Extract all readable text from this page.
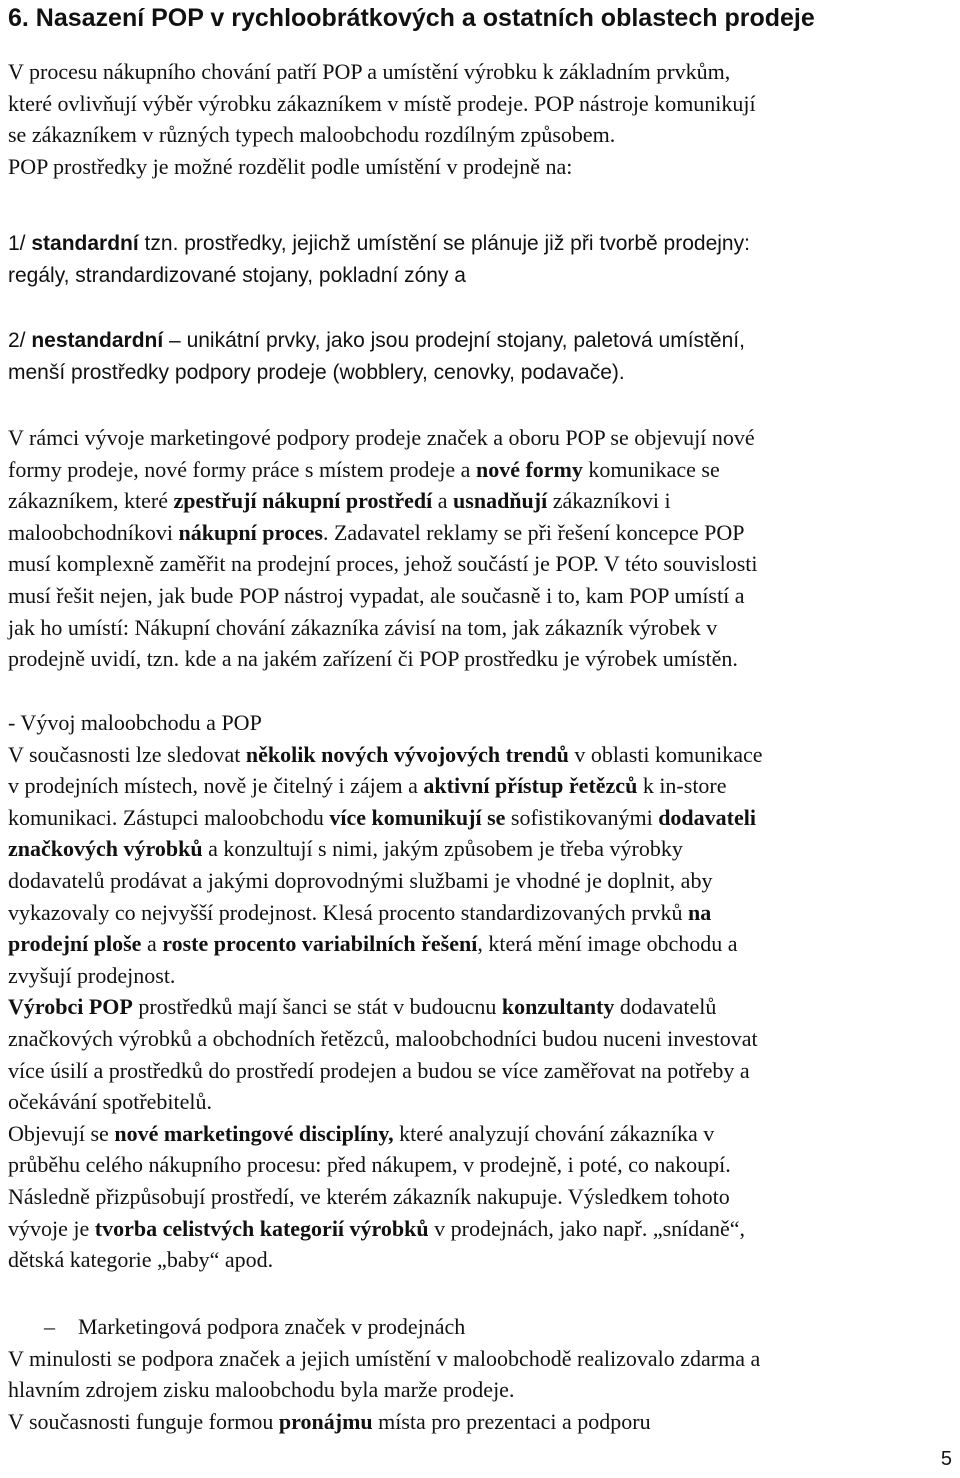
6. Nasazení POP v rychloobrátkových a ostatních oblastech prodeje
V procesu nákupního chování patří POP a umístění výrobku k základním prvkům,
které ovlivňují výběr výrobku zákazníkem v místě prodeje. POP nástroje komunikují
se zákazníkem v různých typech maloobchodu rozdílným způsobem.
POP prostředky je možné rozdělit podle umístění v prodejně na:
1/ standardní tzn. prostředky, jejichž umístění se plánuje již při tvorbě prodejny:
regály, strandardizované stojany, pokladní zóny a
2/ nestandardní – unikátní prvky, jako jsou prodejní stojany, paletová umístění,
menší prostředky podpory prodeje (wobblery, cenovky, podavače).
V rámci vývoje marketingové podpory prodeje značek a oboru POP se objevují nové
formy prodeje, nové formy práce s místem prodeje a nové formy komunikace se
zákazníkem, které zpestřují nákupní prostředí a usnadňují zákazníkovi i
maloobchodníkovi nákupní proces. Zadavatel reklamy se při řešení koncepce POP
musí komplexně zaměřit na prodejní proces, jehož součástí je POP. V této souvislosti
musí řešit nejen, jak bude POP nástroj vypadat, ale současně i to, kam POP umístí a
jak ho umístí: Nákupní chování zákazníka závisí na tom, jak zákazník výrobek v
prodejně uvidí, tzn. kde a na jakém zařízení či POP prostředku je výrobek umístěn.
- Vývoj maloobchodu a POP
V současnosti lze sledovat několik nových vývojových trendů v oblasti komunikace
v prodejních místech, nově je čitelný i zájem a aktivní přístup řetězců k in-store
komunikaci. Zástupci maloobchodu více komunikují se sofistikovanými dodavateli
značkových výrobků a konzultují s nimi, jakým způsobem je třeba výrobky
dodavatelů prodávat a jakými doprovodnými službami je vhodné je doplnit, aby
vykazovaly co nejvyšší prodejnost. Klesá procento standardizovaných prvků na
prodejní ploše a roste procento variabilních řešení, která mění image obchodu a
zvyšují prodejnost.
Výrobci POP prostředků mají šanci se stát v budoucnu konzultanty dodavatelů
značkových výrobků a obchodních řetězců, maloobchodníci budou nuceni investovat
více úsilí a prostředků do prostředí prodejen a budou se více zaměřovat na potřeby a
očekávání spotřebitelů.
Objevují se nové marketingové disciplíny, které analyzují chování zákazníka v
průběhu celého nákupního procesu: před nákupem, v prodejně, i poté, co nakoupí.
Následně přizpůsobují prostředí, ve kterém zákazník nakupuje. Výsledkem tohoto
vývoje je tvorba celistvých kategorií výrobků v prodejnách, jako např. „snídaně“,
dětská kategorie „baby“ apod.
– Marketingová podpora značek v prodejnách
V minulosti se podpora značek a jejich umístění v maloobchodě realizovalo zdarma a
hlavním zdrojem zisku maloobchodu byla marže prodeje.
V současnosti funguje formou pronájmu místa pro prezentaci a podporu
5
